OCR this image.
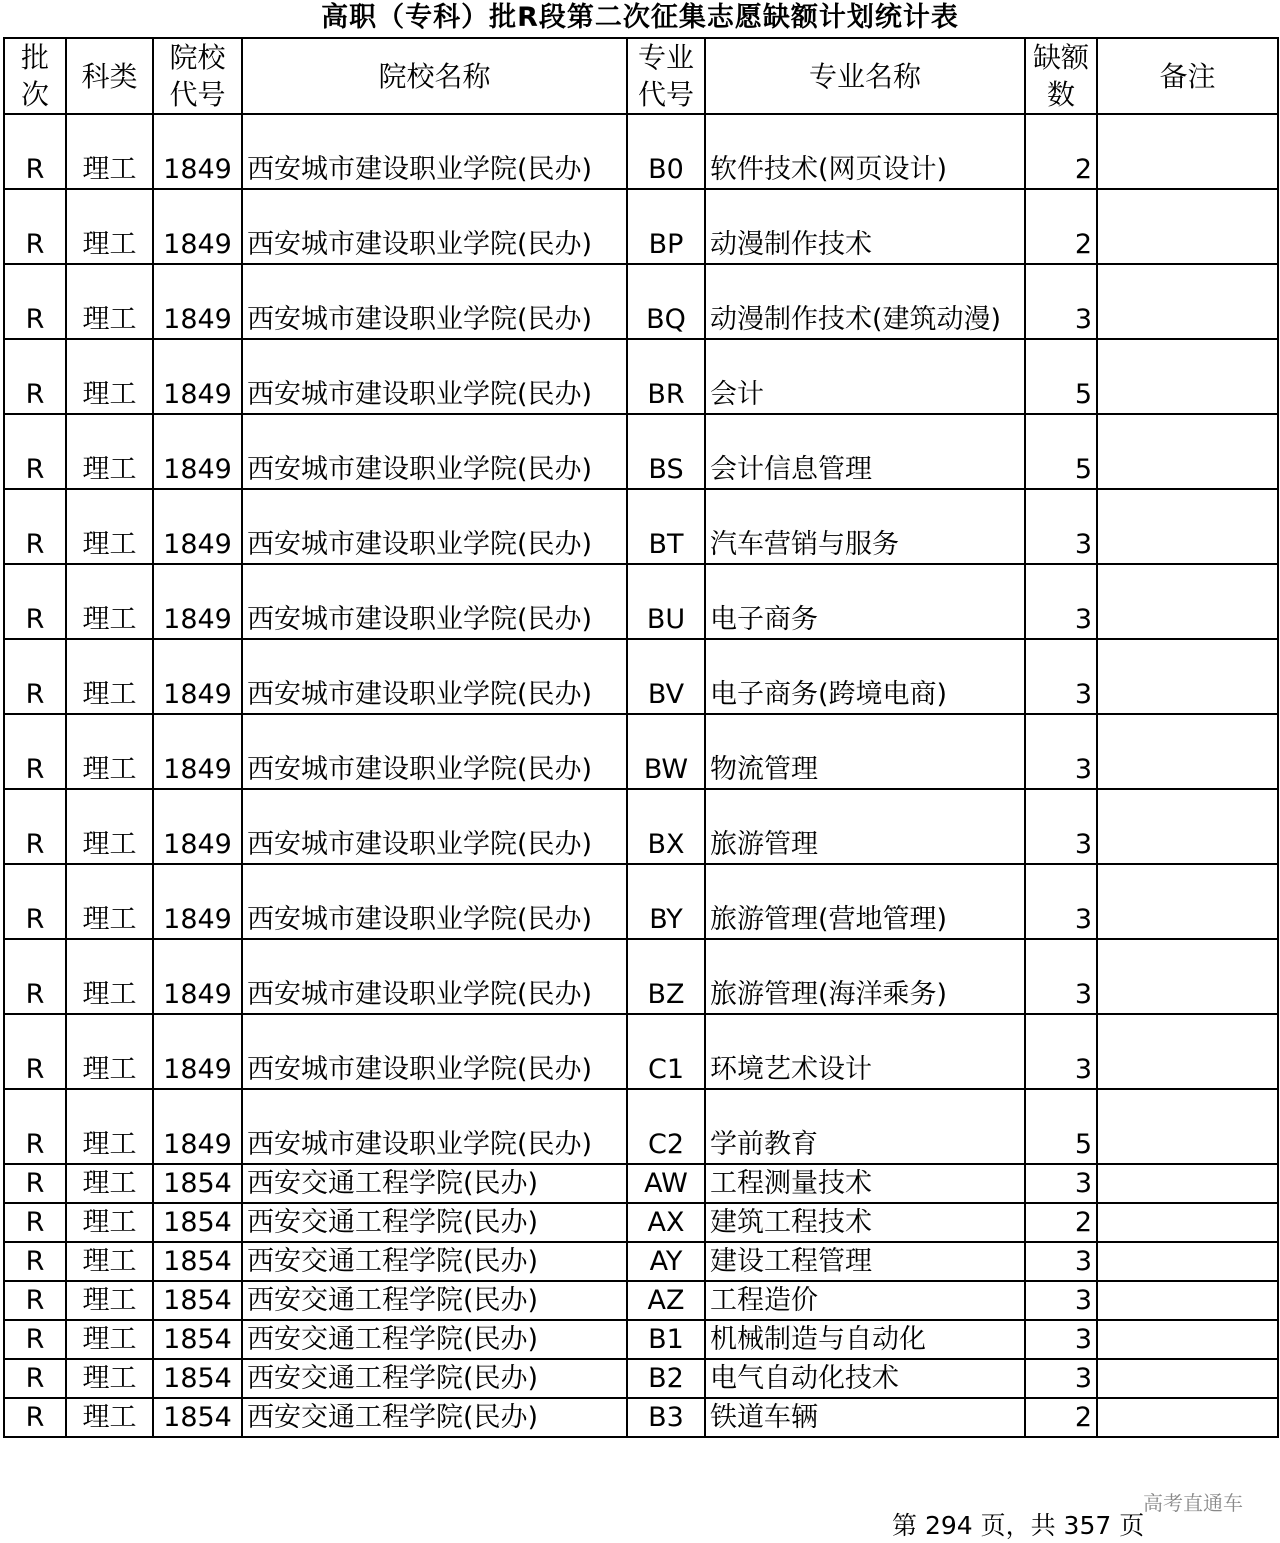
高职（专科）批R段第二次征集志愿缺额计划统计表
批次	科类	院校代号	院校名称	专业代号	专业名称	缺额数	备注
R	理工	1849	西安城市建设职业学院(民办)	B0	软件技术(网页设计)	2	
R	理工	1849	西安城市建设职业学院(民办)	BP	动漫制作技术	2	
R	理工	1849	西安城市建设职业学院(民办)	BQ	动漫制作技术(建筑动漫)	3	
R	理工	1849	西安城市建设职业学院(民办)	BR	会计	5	
R	理工	1849	西安城市建设职业学院(民办)	BS	会计信息管理	5	
R	理工	1849	西安城市建设职业学院(民办)	BT	汽车营销与服务	3	
R	理工	1849	西安城市建设职业学院(民办)	BU	电子商务	3	
R	理工	1849	西安城市建设职业学院(民办)	BV	电子商务(跨境电商)	3	
R	理工	1849	西安城市建设职业学院(民办)	BW	物流管理	3	
R	理工	1849	西安城市建设职业学院(民办)	BX	旅游管理	3	
R	理工	1849	西安城市建设职业学院(民办)	BY	旅游管理(营地管理)	3	
R	理工	1849	西安城市建设职业学院(民办)	BZ	旅游管理(海洋乘务)	3	
R	理工	1849	西安城市建设职业学院(民办)	C1	环境艺术设计	3	
R	理工	1849	西安城市建设职业学院(民办)	C2	学前教育	5	
R	理工	1854	西安交通工程学院(民办)	AW	工程测量技术	3	
R	理工	1854	西安交通工程学院(民办)	AX	建筑工程技术	2	
R	理工	1854	西安交通工程学院(民办)	AY	建设工程管理	3	
R	理工	1854	西安交通工程学院(民办)	AZ	工程造价	3	
R	理工	1854	西安交通工程学院(民办)	B1	机械制造与自动化	3	
R	理工	1854	西安交通工程学院(民办)	B2	电气自动化技术	3	
R	理工	1854	西安交通工程学院(民办)	B3	铁道车辆	2	
高考直通车
第 294 页，共 357 页
